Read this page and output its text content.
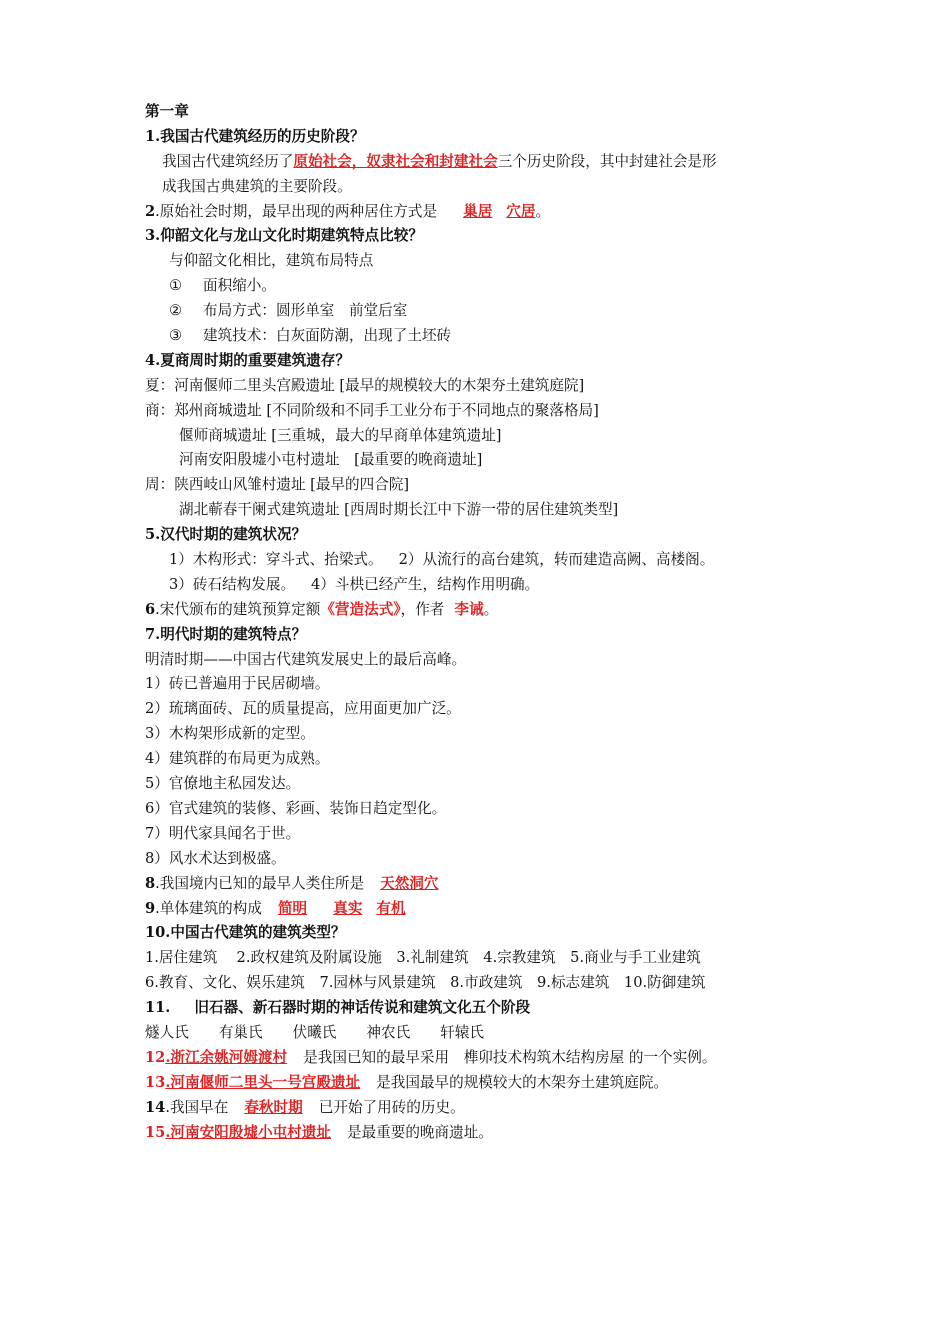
第一章
1.我国古代建筑经历的历史阶段？
我国古代建筑经历了原始社会，奴隶社会和封建社会三个历史阶段，其中封建社会是形
成我国古典建筑的主要阶段。
2.原始社会时期，最早出现的两种居住方式是 巢居 穴居。
3.仰韶文化与龙山文化时期建筑特点比较？
与仰韶文化相比，建筑布局特点
① 面积缩小。
② 布局方式：圆形单室　前堂后室
③ 建筑技术：白灰面防潮，出现了土坯砖
4.夏商周时期的重要建筑遗存？
夏：河南偃师二里头宫殿遗址 [最早的规模较大的木架夯土建筑庭院]
商：郑州商城遗址 [不同阶级和不同手工业分布于不同地点的聚落格局]
偃师商城遗址 [三重城，最大的早商单体建筑遗址]
河南安阳殷墟小屯村遗址　[最重要的晚商遗址]
周：陕西岐山风雏村遗址 [最早的四合院]
湖北蕲春干阑式建筑遗址 [西周时期长江中下游一带的居住建筑类型]
5.汉代时期的建筑状况？
1）木构形式：穿斗式、抬梁式。 2）从流行的高台建筑，转而建造高阙、高楼阁。
3）砖石结构发展。 4）斗栱已经产生，结构作用明确。
6.宋代颁布的建筑预算定额《营造法式》，作者 李诫。
7.明代时期的建筑特点？
明清时期——中国古代建筑发展史上的最后高峰。
1）砖已普遍用于民居砌墙。
2）琉璃面砖、瓦的质量提高，应用面更加广泛。
3）木构架形成新的定型。
4）建筑群的布局更为成熟。
5）官僚地主私园发达。
6）官式建筑的装修、彩画、装饰日趋定型化。
7）明代家具闻名于世。
8）风水术达到极盛。
8.我国境内已知的最早人类住所是 天然洞穴
9.单体建筑的构成 简明 真实 有机
10.中国古代建筑的建筑类型？
1.居住建筑　 2.政权建筑及附属设施　3.礼制建筑　4.宗教建筑　5.商业与手工业建筑
6.教育、文化、娱乐建筑　7.园林与风景建筑　8.市政建筑　9.标志建筑　10.防御建筑
11. 旧石器、新石器时期的神话传说和建筑文化五个阶段
燧人氏 有巢氏 伏曦氏 神农氏 轩辕氏
12.浙江余姚河姆渡村 是我国已知的最早采用　榫卯技术构筑木结构房屋 的一个实例。
13.河南偃师二里头一号宫殿遗址 是我国最早的规模较大的木架夯土建筑庭院。
14.我国早在 春秋时期 已开始了用砖的历史。
15.河南安阳殷墟小屯村遗址 是最重要的晚商遗址。
